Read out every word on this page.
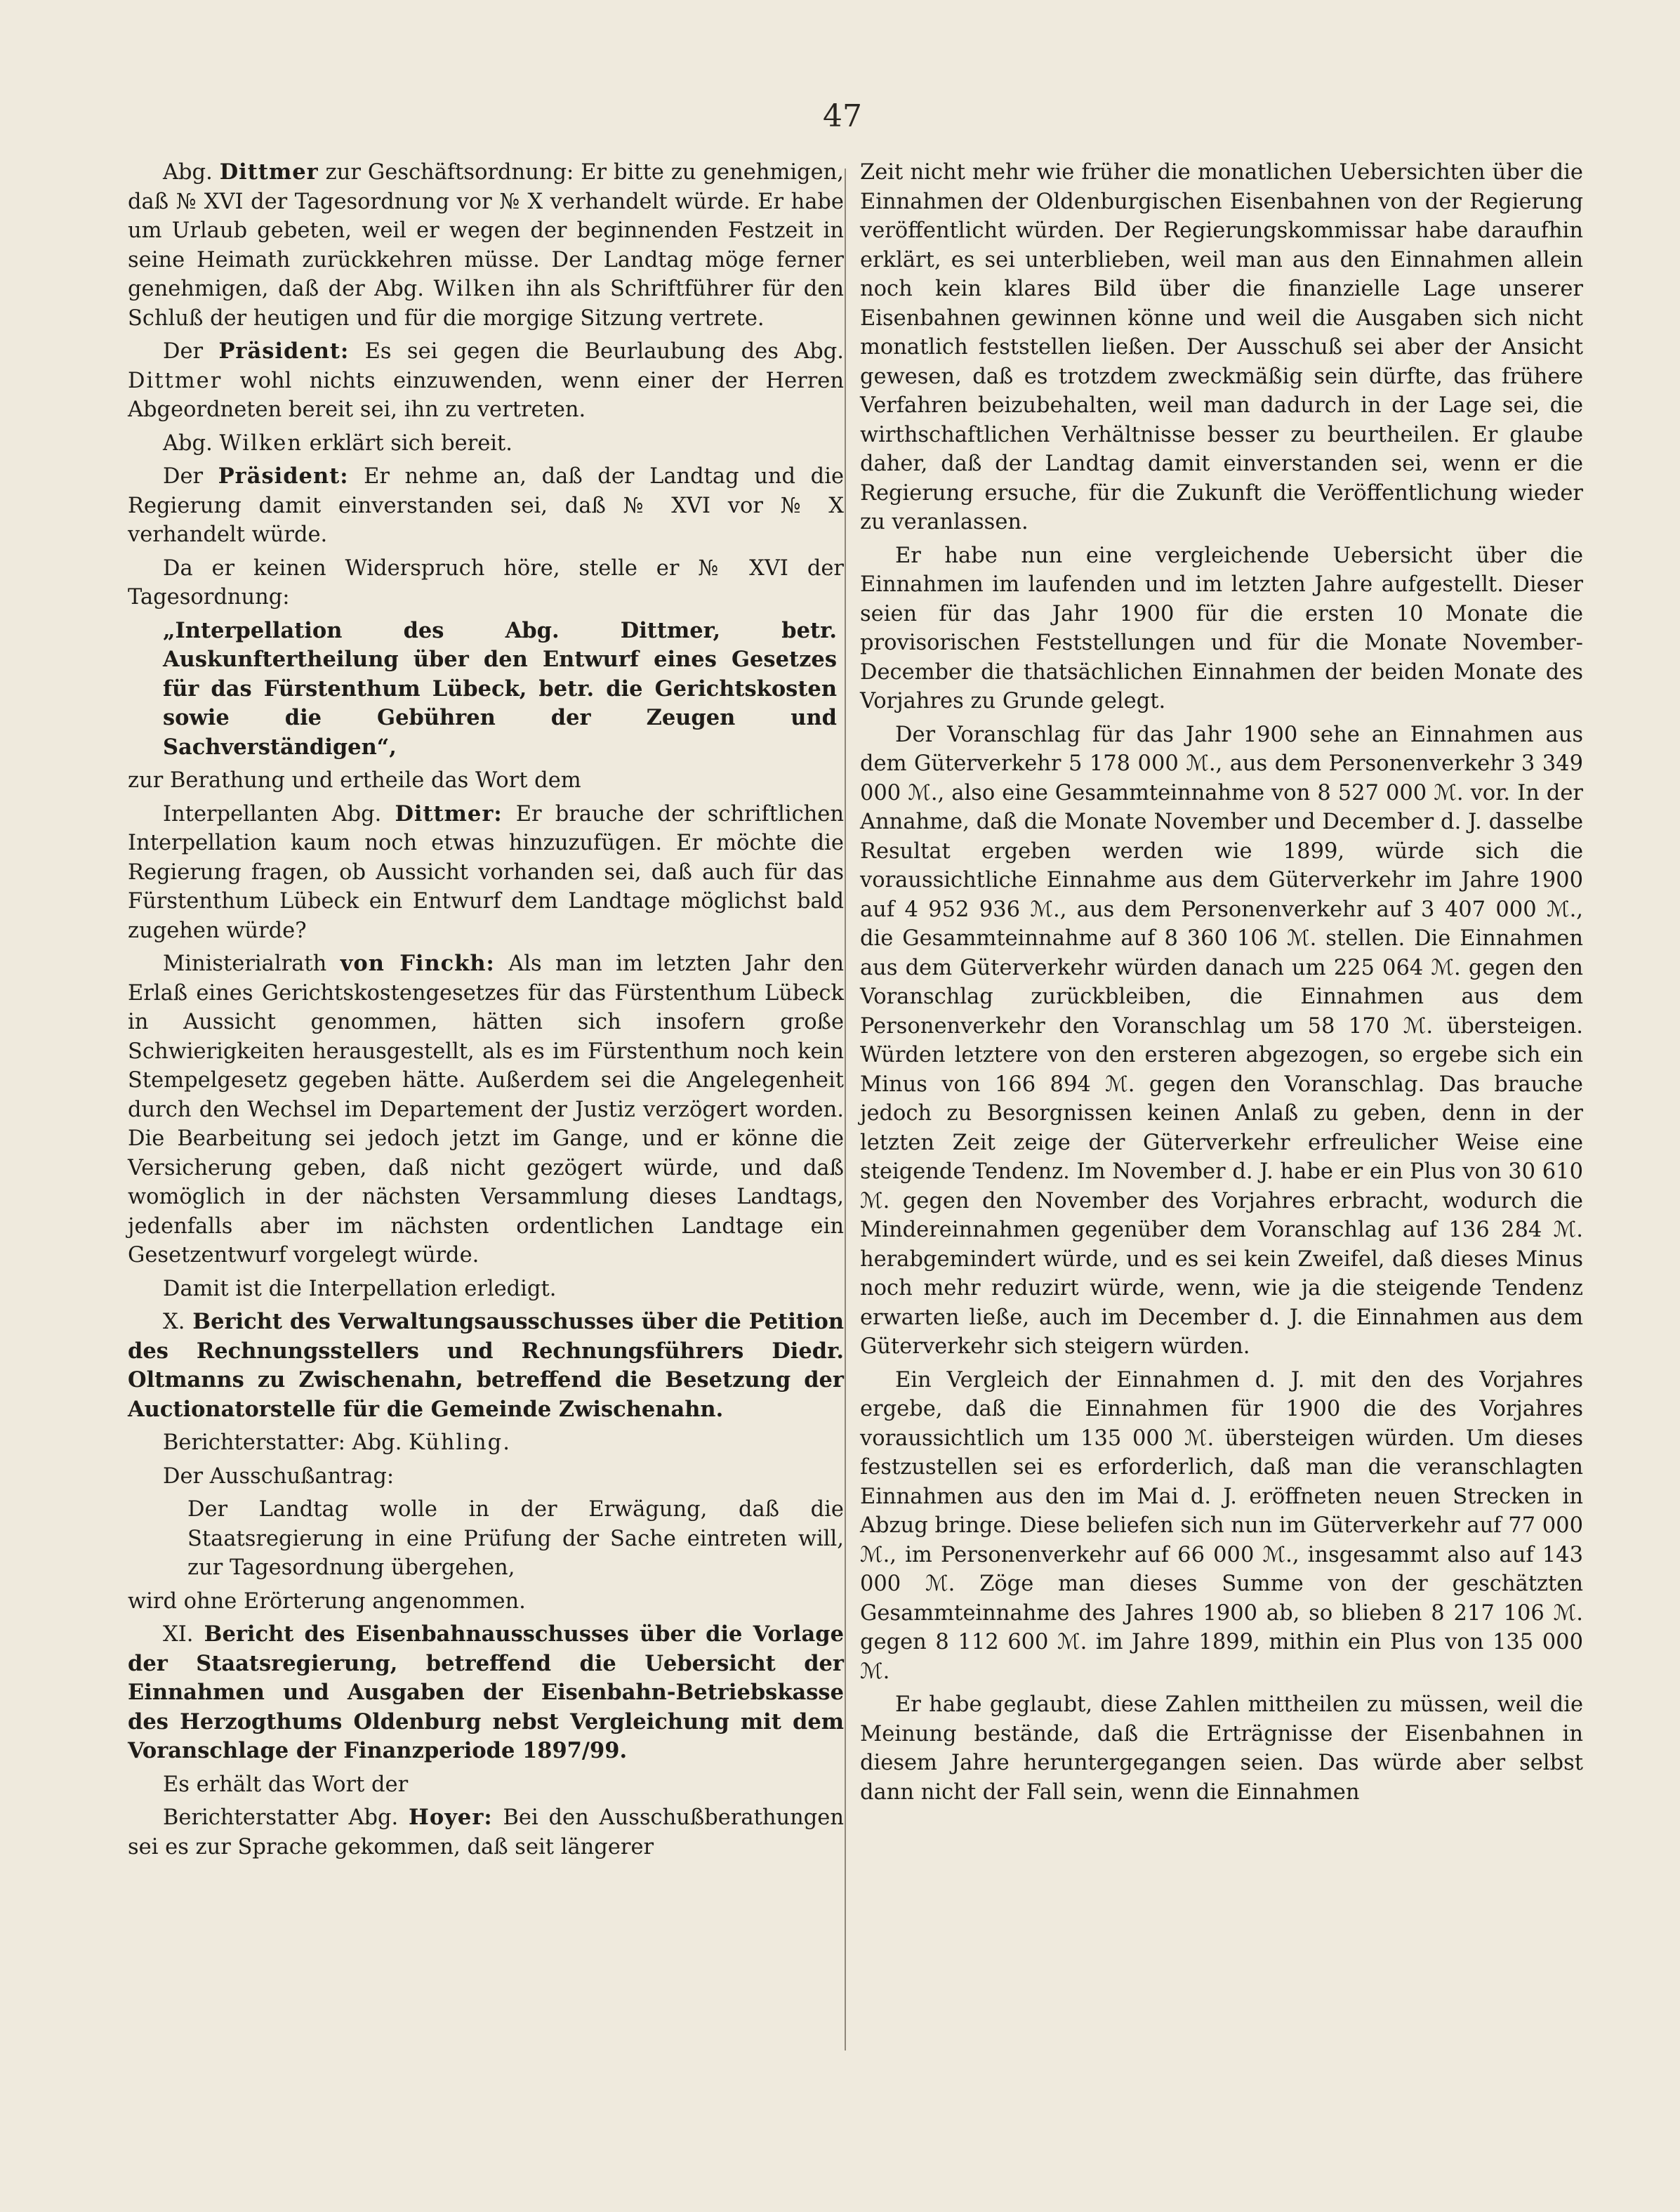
47

Abg. Dittmer zur Geschäftsordnung: Er bitte zu genehmigen, daß № XVI der Tagesordnung vor № X verhandelt würde. Er habe um Urlaub gebeten, weil er wegen der beginnenden Festzeit in seine Heimath zurückkehren müsse. Der Landtag möge ferner genehmigen, daß der Abg. Wilken ihn als Schriftführer für den Schluß der heutigen und für die morgige Sitzung vertrete.

Der Präsident: Es sei gegen die Beurlaubung des Abg. Dittmer wohl nichts einzuwenden, wenn einer der Herren Abgeordneten bereit sei, ihn zu vertreten.

Abg. Wilken erklärt sich bereit.

Der Präsident: Er nehme an, daß der Landtag und die Regierung damit einverstanden sei, daß № XVI vor № X verhandelt würde.

Da er keinen Widerspruch höre, stelle er № XVI der Tagesordnung:

„Interpellation des Abg. Dittmer, betr. Auskunftertheilung über den Entwurf eines Gesetzes für das Fürstenthum Lübeck, betr. die Gerichtskosten sowie die Gebühren der Zeugen und Sachverständigen“,

zur Berathung und ertheile das Wort dem

Interpellanten Abg. Dittmer: Er brauche der schriftlichen Interpellation kaum noch etwas hinzuzufügen. Er möchte die Regierung fragen, ob Aussicht vorhanden sei, daß auch für das Fürstenthum Lübeck ein Entwurf dem Landtage möglichst bald zugehen würde?

Ministerialrath von Finckh: Als man im letzten Jahr den Erlaß eines Gerichtskostengesetzes für das Fürstenthum Lübeck in Aussicht genommen, hätten sich insofern große Schwierigkeiten herausgestellt, als es im Fürstenthum noch kein Stempelgesetz gegeben hätte. Außerdem sei die Angelegenheit durch den Wechsel im Departement der Justiz verzögert worden. Die Bearbeitung sei jedoch jetzt im Gange, und er könne die Versicherung geben, daß nicht gezögert würde, und daß womöglich in der nächsten Versammlung dieses Landtags, jedenfalls aber im nächsten ordentlichen Landtage ein Gesetzentwurf vorgelegt würde.

Damit ist die Interpellation erledigt.

X. Bericht des Verwaltungsausschusses über die Petition des Rechnungsstellers und Rechnungsführers Diedr. Oltmanns zu Zwischenahn, betreffend die Besetzung der Auctionatorstelle für die Gemeinde Zwischenahn.

Berichterstatter: Abg. Kühling.

Der Ausschußantrag:

Der Landtag wolle in der Erwägung, daß die Staatsregierung in eine Prüfung der Sache eintreten will, zur Tagesordnung übergehen,

wird ohne Erörterung angenommen.

XI. Bericht des Eisenbahnausschusses über die Vorlage der Staatsregierung, betreffend die Uebersicht der Einnahmen und Ausgaben der Eisenbahn-Betriebskasse des Herzogthums Oldenburg nebst Vergleichung mit dem Voranschlage der Finanzperiode 1897/99.

Es erhält das Wort der

Berichterstatter Abg. Hoyer: Bei den Ausschußberathungen sei es zur Sprache gekommen, daß seit längerer

Zeit nicht mehr wie früher die monatlichen Uebersichten über die Einnahmen der Oldenburgischen Eisenbahnen von der Regierung veröffentlicht würden. Der Regierungskommissar habe daraufhin erklärt, es sei unterblieben, weil man aus den Einnahmen allein noch kein klares Bild über die finanzielle Lage unserer Eisenbahnen gewinnen könne und weil die Ausgaben sich nicht monatlich feststellen ließen. Der Ausschuß sei aber der Ansicht gewesen, daß es trotzdem zweckmäßig sein dürfte, das frühere Verfahren beizubehalten, weil man dadurch in der Lage sei, die wirthschaftlichen Verhältnisse besser zu beurtheilen. Er glaube daher, daß der Landtag damit einverstanden sei, wenn er die Regierung ersuche, für die Zukunft die Veröffentlichung wieder zu veranlassen.

Er habe nun eine vergleichende Uebersicht über die Einnahmen im laufenden und im letzten Jahre aufgestellt. Dieser seien für das Jahr 1900 für die ersten 10 Monate die provisorischen Feststellungen und für die Monate November-December die thatsächlichen Einnahmen der beiden Monate des Vorjahres zu Grunde gelegt.

Der Voranschlag für das Jahr 1900 sehe an Einnahmen aus dem Güterverkehr 5 178 000 ℳ., aus dem Personenverkehr 3 349 000 ℳ., also eine Gesammteinnahme von 8 527 000 ℳ. vor. In der Annahme, daß die Monate November und December d. J. dasselbe Resultat ergeben werden wie 1899, würde sich die voraussichtliche Einnahme aus dem Güterverkehr im Jahre 1900 auf 4 952 936 ℳ., aus dem Personenverkehr auf 3 407 000 ℳ., die Gesammteinnahme auf 8 360 106 ℳ. stellen. Die Einnahmen aus dem Güterverkehr würden danach um 225 064 ℳ. gegen den Voranschlag zurückbleiben, die Einnahmen aus dem Personenverkehr den Voranschlag um 58 170 ℳ. übersteigen. Würden letztere von den ersteren abgezogen, so ergebe sich ein Minus von 166 894 ℳ. gegen den Voranschlag. Das brauche jedoch zu Besorgnissen keinen Anlaß zu geben, denn in der letzten Zeit zeige der Güterverkehr erfreulicher Weise eine steigende Tendenz. Im November d. J. habe er ein Plus von 30 610 ℳ. gegen den November des Vorjahres erbracht, wodurch die Mindereinnahmen gegenüber dem Voranschlag auf 136 284 ℳ. herabgemindert würde, und es sei kein Zweifel, daß dieses Minus noch mehr reduzirt würde, wenn, wie ja die steigende Tendenz erwarten ließe, auch im December d. J. die Einnahmen aus dem Güterverkehr sich steigern würden.

Ein Vergleich der Einnahmen d. J. mit den des Vorjahres ergebe, daß die Einnahmen für 1900 die des Vorjahres voraussichtlich um 135 000 ℳ. übersteigen würden. Um dieses festzustellen sei es erforderlich, daß man die veranschlagten Einnahmen aus den im Mai d. J. eröffneten neuen Strecken in Abzug bringe. Diese beliefen sich nun im Güterverkehr auf 77 000 ℳ., im Personenverkehr auf 66 000 ℳ., insgesammt also auf 143 000 ℳ. Zöge man dieses Summe von der geschätzten Gesammteinnahme des Jahres 1900 ab, so blieben 8 217 106 ℳ. gegen 8 112 600 ℳ. im Jahre 1899, mithin ein Plus von 135 000 ℳ.

Er habe geglaubt, diese Zahlen mittheilen zu müssen, weil die Meinung bestände, daß die Erträgnisse der Eisenbahnen in diesem Jahre heruntergegangen seien. Das würde aber selbst dann nicht der Fall sein, wenn die Einnahmen
